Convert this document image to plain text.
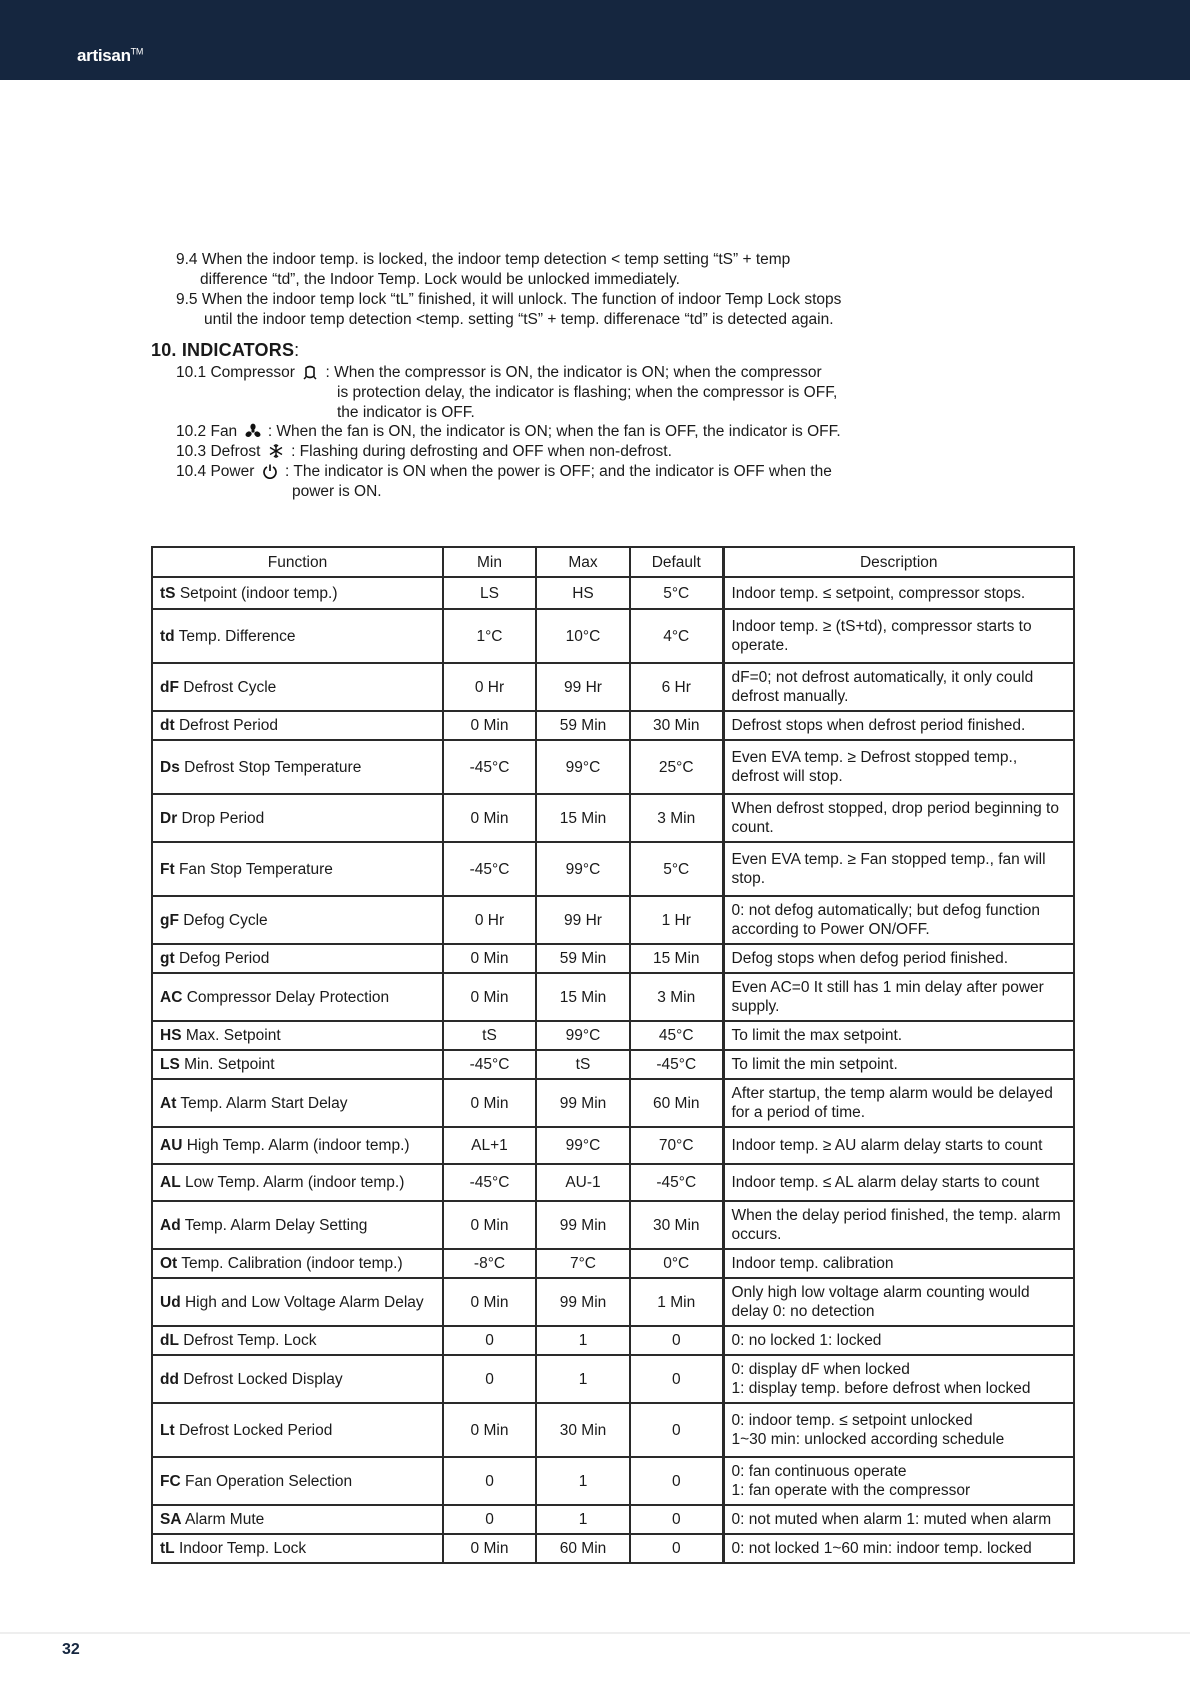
artisan™
9.4 When the indoor temp. is locked, the indoor temp detection < temp setting “tS” + temp
difference “td”, the Indoor Temp. Lock would be unlocked immediately.
9.5 When the indoor temp lock “tL” finished, it will unlock. The function of indoor Temp Lock stops
until the indoor temp detection <temp. setting “tS” + temp. differenace “td” is detected again.
10. INDICATORS:
10.1 Compressor : When the compressor is ON, the indicator is ON; when the compressor
is protection delay, the indicator is flashing; when the compressor is OFF,
the indicator is OFF.
10.2 Fan : When the fan is ON, the indicator is ON; when the fan is OFF, the indicator is OFF.
10.3 Defrost : Flashing during defrosting and OFF when non-defrost.
10.4 Power : The indicator is ON when the power is OFF; and the indicator is OFF when the
power is ON.
Function	Min	Max	Default	Description
tS Setpoint (indoor temp.)	LS	HS	5°C	Indoor temp. ≤ setpoint, compressor stops.
td Temp. Difference	1°C	10°C	4°C	Indoor temp. ≥ (tS+td), compressor starts to operate.
dF Defrost Cycle	0 Hr	99 Hr	6 Hr	dF=0; not defrost automatically, it only could defrost manually.
dt Defrost Period	0 Min	59 Min	30 Min	Defrost stops when defrost period finished.
Ds Defrost Stop Temperature	-45°C	99°C	25°C	Even EVA temp. ≥ Defrost stopped temp., defrost will stop.
Dr Drop Period	0 Min	15 Min	3 Min	When defrost stopped, drop period beginning to count.
Ft Fan Stop Temperature	-45°C	99°C	5°C	Even EVA temp. ≥ Fan stopped temp., fan will stop.
gF Defog Cycle	0 Hr	99 Hr	1 Hr	0: not defog automatically; but defog function according to Power ON/OFF.
gt Defog Period	0 Min	59 Min	15 Min	Defog stops when defog period finished.
AC Compressor Delay Protection	0 Min	15 Min	3 Min	Even AC=0 It still has 1 min delay after power supply.
HS Max. Setpoint	tS	99°C	45°C	To limit the max setpoint.
LS Min. Setpoint	-45°C	tS	-45°C	To limit the min setpoint.
At Temp. Alarm Start Delay	0 Min	99 Min	60 Min	After startup, the temp alarm would be delayed for a period of time.
AU High Temp. Alarm (indoor temp.)	AL+1	99°C	70°C	Indoor temp. ≥ AU alarm delay starts to count
AL Low Temp. Alarm (indoor temp.)	-45°C	AU-1	-45°C	Indoor temp. ≤ AL alarm delay starts to count
Ad Temp. Alarm Delay Setting	0 Min	99 Min	30 Min	When the delay period finished, the temp. alarm occurs.
Ot Temp. Calibration (indoor temp.)	-8°C	7°C	0°C	Indoor temp. calibration
Ud High and Low Voltage Alarm Delay	0 Min	99 Min	1 Min	Only high low voltage alarm counting would delay 0: no detection
dL Defrost Temp. Lock	0	1	0	0: no locked 1: locked
dd Defrost Locked Display	0	1	0	0: display dF when locked
1: display temp. before defrost when locked
Lt Defrost Locked Period	0 Min	30 Min	0	0: indoor temp. ≤ setpoint unlocked
1~30 min: unlocked according schedule
FC Fan Operation Selection	0	1	0	0: fan continuous operate
1: fan operate with the compressor
SA Alarm Mute	0	1	0	0: not muted when alarm 1: muted when alarm
tL Indoor Temp. Lock	0 Min	60 Min	0	0: not locked 1~60 min: indoor temp. locked
32
